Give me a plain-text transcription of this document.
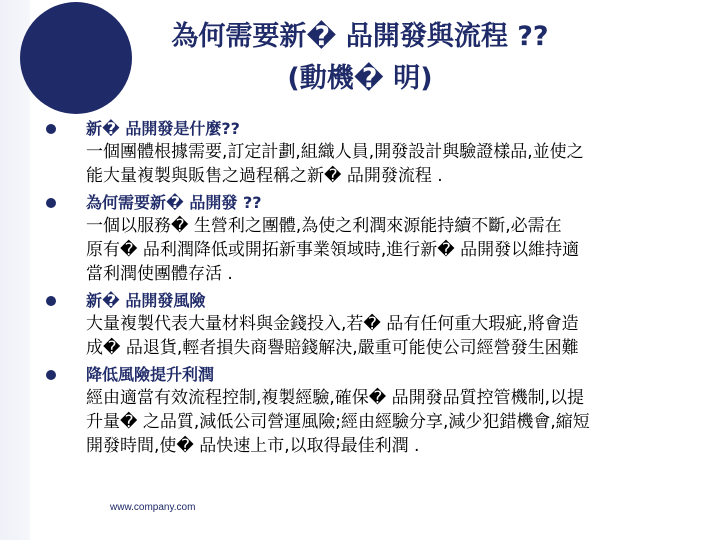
為何需要新� 品開發與流程 ??
(動機� 明)
新� 品開發是什麼??
一個團體根據需要,訂定計劃,組織人員,開發設計與驗證樣品,並使之
能大量複製與販售之過程稱之新� 品開發流程 .
為何需要新� 品開發 ??
一個以服務� 生營利之團體,為使之利潤來源能持續不斷,必需在
原有� 品利潤降低或開拓新事業領域時,進行新� 品開發以維持適
當利潤使團體存活 .
新� 品開發風險
大量複製代表大量材料與金錢投入,若� 品有任何重大瑕疵,將會造
成� 品退貨,輕者損失商譽賠錢解決,嚴重可能使公司經營發生困難
降低風險提升利潤
經由適當有效流程控制,複製經驗,確保� 品開發品質控管機制,以提
升量� 之品質,減低公司營運風險;經由經驗分享,減少犯錯機會,縮短
開發時間,使� 品快速上市,以取得最佳利潤 .
www.company.com
